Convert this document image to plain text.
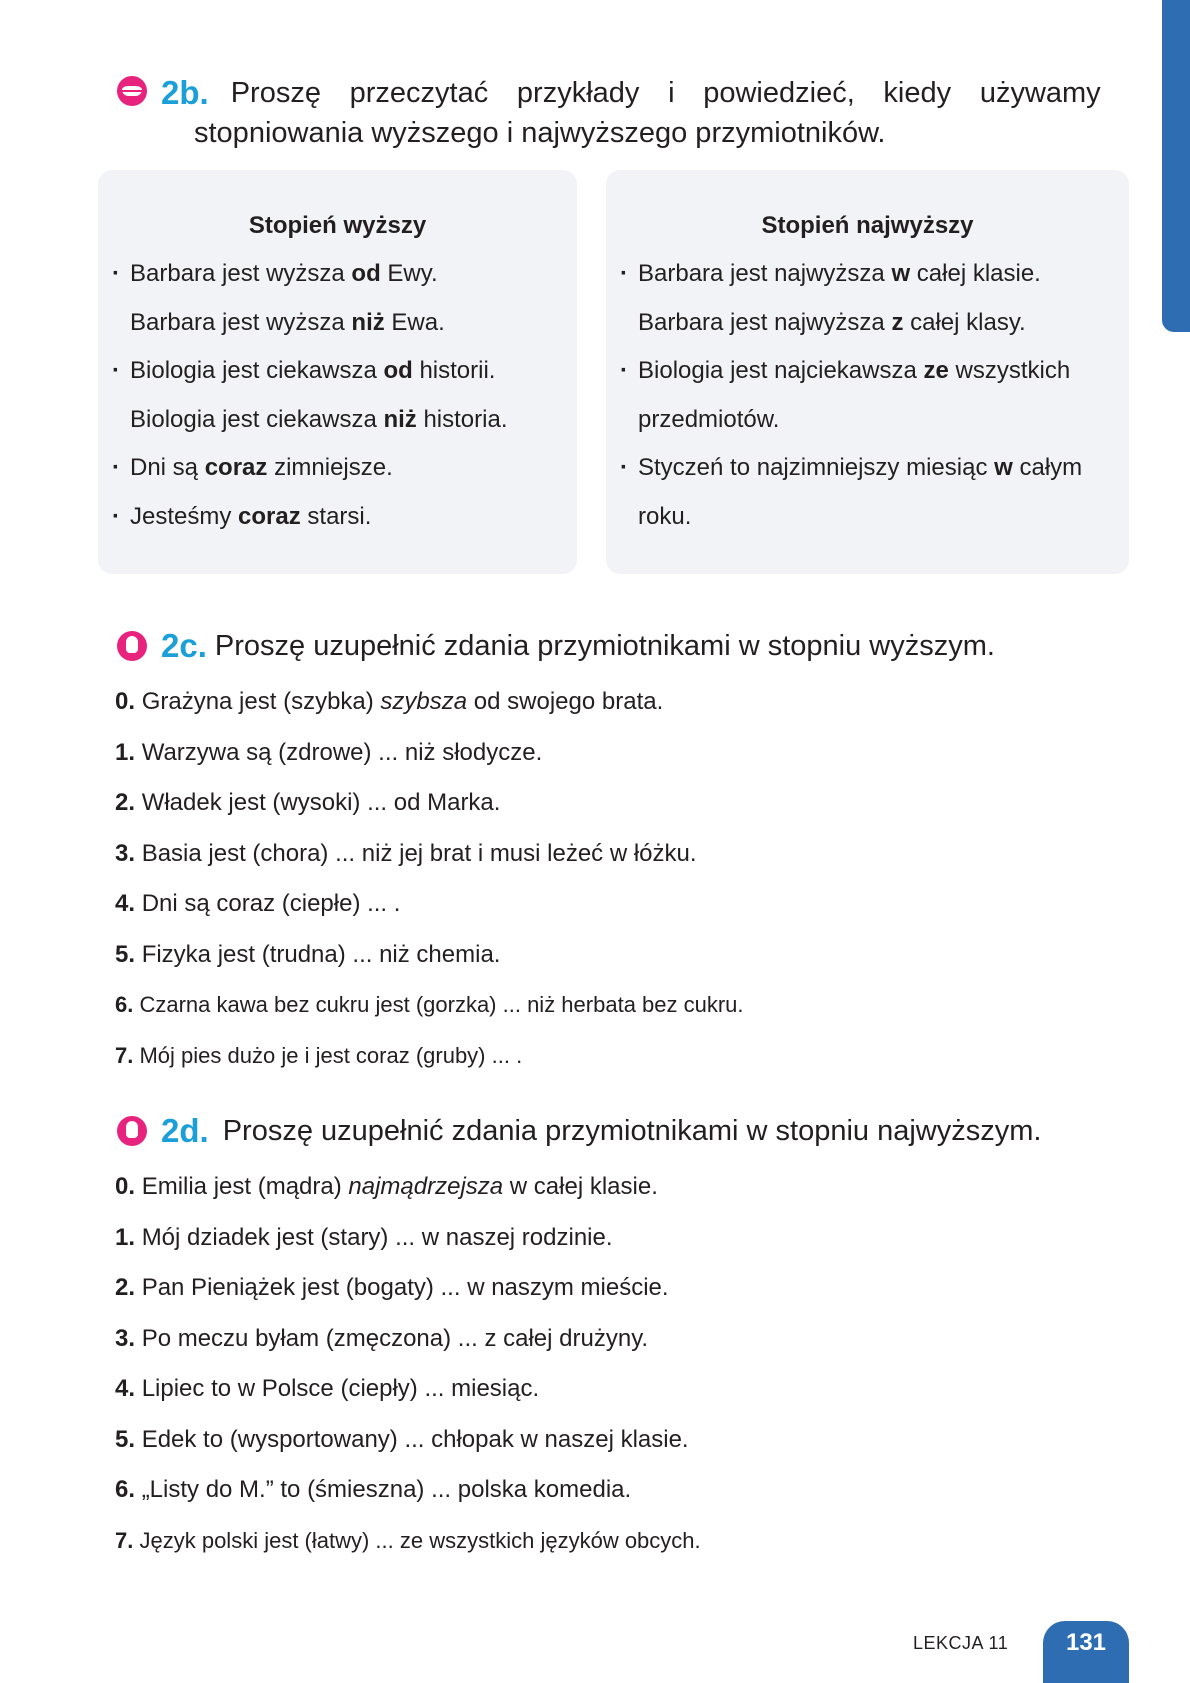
2b. Proszę przeczytać przykłady i powiedzieć, kiedy używamy
stopniowania wyższego i najwyższego przymiotników.
Stopień wyższy
· Barbara jest wyższa od Ewy.
Barbara jest wyższa niż Ewa.
· Biologia jest ciekawsza od historii.
Biologia jest ciekawsza niż historia.
· Dni są coraz zimniejsze.
· Jesteśmy coraz starsi.
Stopień najwyższy
· Barbara jest najwyższa w całej klasie.
Barbara jest najwyższa z całej klasy.
· Biologia jest najciekawsza ze wszystkich
przedmiotów.
· Styczeń to najzimniejszy miesiąc w całym
roku.
2c. Proszę uzupełnić zdania przymiotnikami w stopniu wyższym.
0. Grażyna jest (szybka) szybsza od swojego brata.
1. Warzywa są (zdrowe) ... niż słodycze.
2. Władek jest (wysoki) ... od Marka.
3. Basia jest (chora) ... niż jej brat i musi leżeć w łóżku.
4. Dni są coraz (ciepłe) ... .
5. Fizyka jest (trudna) ... niż chemia.
6. Czarna kawa bez cukru jest (gorzka) ... niż herbata bez cukru.
7. Mój pies dużo je i jest coraz (gruby) ... .
2d. Proszę uzupełnić zdania przymiotnikami w stopniu najwyższym.
0. Emilia jest (mądra) najmądrzejsza w całej klasie.
1. Mój dziadek jest (stary) ... w naszej rodzinie.
2. Pan Pieniążek jest (bogaty) ... w naszym mieście.
3. Po meczu byłam (zmęczona) ... z całej drużyny.
4. Lipiec to w Polsce (ciepły) ... miesiąc.
5. Edek to (wysportowany) ... chłopak w naszej klasie.
6. „Listy do M.” to (śmieszna) ... polska komedia.
7. Język polski jest (łatwy) ... ze wszystkich języków obcych.
LEKCJA 11	131
